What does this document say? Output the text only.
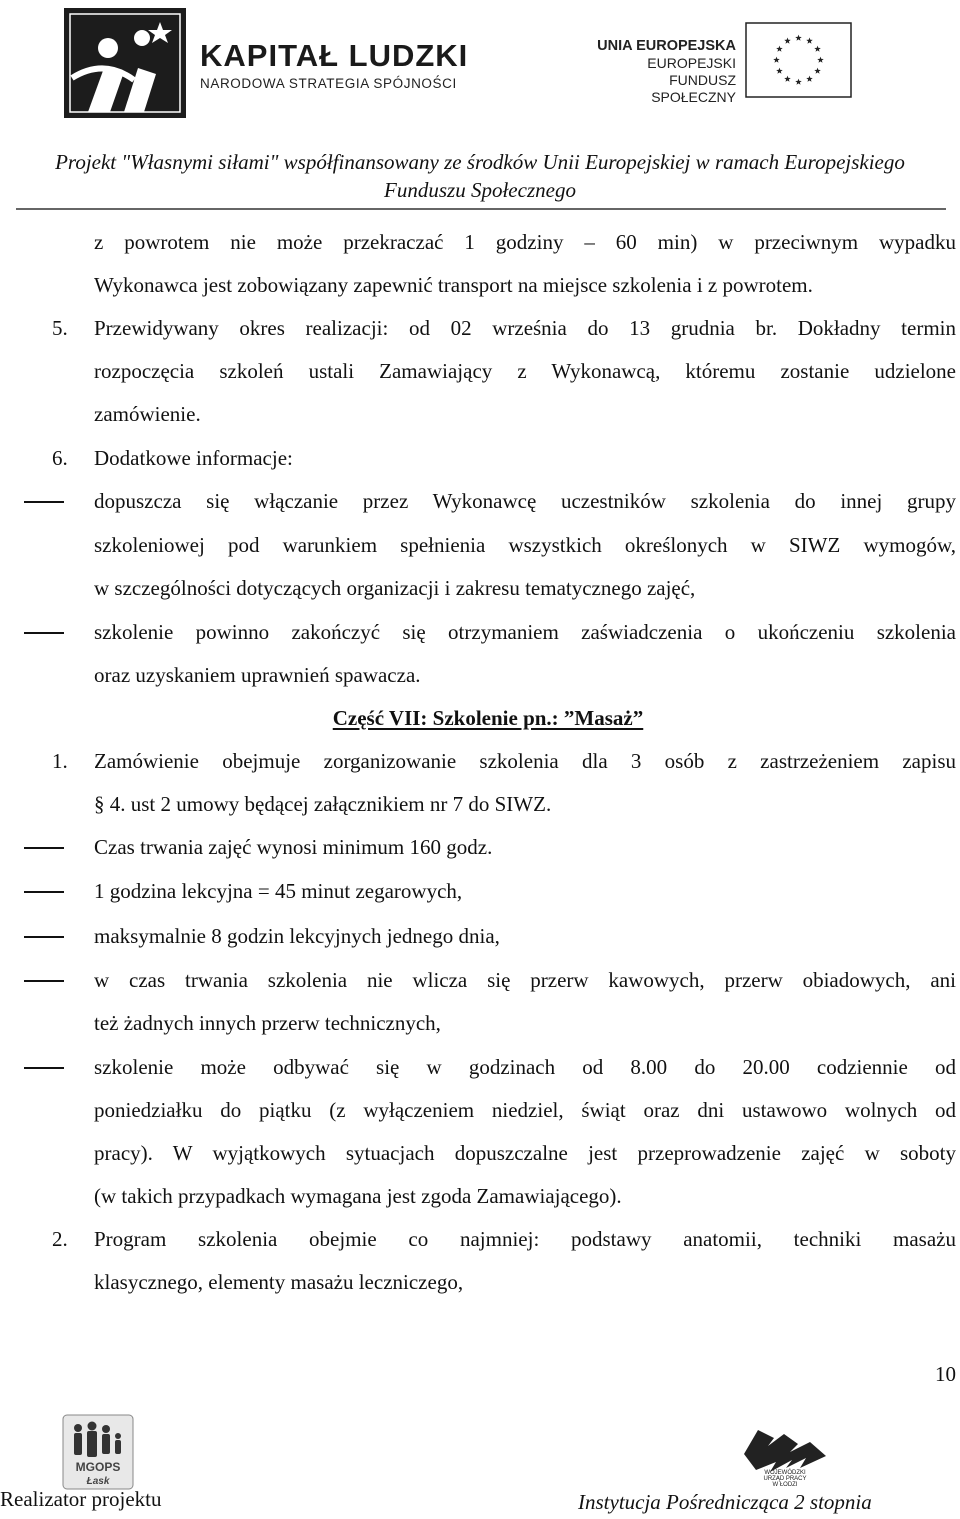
KAPITAŁ LUDZKI
NARODOWA STRATEGIA SPÓJNOŚCI
UNIA EUROPEJSKA
EUROPEJSKI
FUNDUSZ SPOŁECZNY
Projekt "Własnymi siłami" współfinansowany ze środków Unii Europejskiej w ramach Europejskiego
Funduszu Społecznego
z powrotem nie może przekraczać 1 godziny – 60 min) w przeciwnym wypadku
Wykonawca jest zobowiązany zapewnić transport na miejsce szkolenia i z powrotem.
5. Przewidywany okres realizacji: od 02 września do 13 grudnia br. Dokładny termin
rozpoczęcia szkoleń ustali Zamawiający z Wykonawcą, któremu zostanie udzielone
zamówienie.
6. Dodatkowe informacje:
dopuszcza się włączanie przez Wykonawcę uczestników szkolenia do innej grupy
szkoleniowej pod warunkiem spełnienia wszystkich określonych w SIWZ wymogów,
w szczególności dotyczących organizacji i zakresu tematycznego zajęć,
szkolenie powinno zakończyć się otrzymaniem zaświadczenia o ukończeniu szkolenia
oraz uzyskaniem uprawnień spawacza.
Część VII: Szkolenie pn.: ”Masaż”
1. Zamówienie obejmuje zorganizowanie szkolenia dla 3 osób z zastrzeżeniem zapisu
§ 4. ust 2 umowy będącej załącznikiem nr 7 do SIWZ.
Czas trwania zajęć wynosi minimum 160 godz.
1 godzina lekcyjna = 45 minut zegarowych,
maksymalnie 8 godzin lekcyjnych jednego dnia,
w czas trwania szkolenia nie wlicza się przerw kawowych, przerw obiadowych, ani
też żadnych innych przerw technicznych,
szkolenie może odbywać się w godzinach od 8.00 do 20.00 codziennie od
poniedziałku do piątku (z wyłączeniem niedziel, świąt oraz dni ustawowo wolnych od
pracy). W wyjątkowych sytuacjach dopuszczalne jest przeprowadzenie zajęć w soboty
(w takich przypadkach wymagana jest zgoda Zamawiającego).
2. Program szkolenia obejmie co najmniej: podstawy anatomii, techniki masażu
klasycznego, elementy masażu leczniczego,
10
MGOPS
Łask
WOJEWÓDZKI
URZĄD PRACY
W ŁODZI
Realizator projektu	Instytucja Pośrednicząca 2 stopnia
